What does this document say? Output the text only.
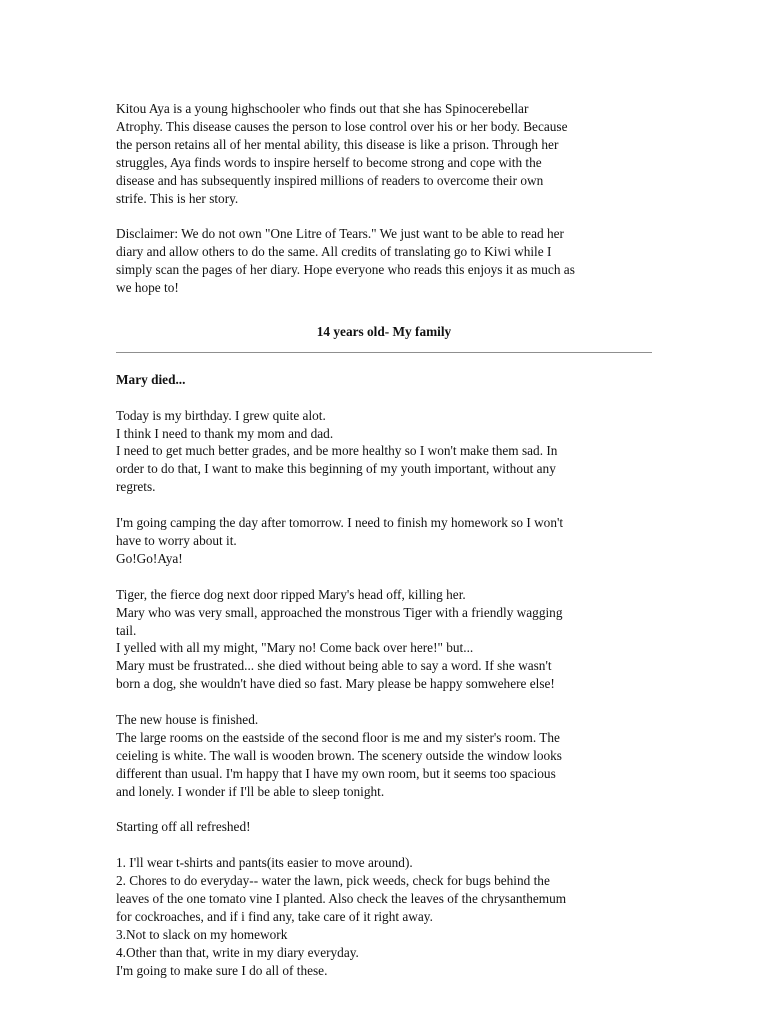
Kitou Aya is a young highschooler who finds out that she has Spinocerebellar
Atrophy. This disease causes the person to lose control over his or her body. Because
the person retains all of her mental ability, this disease is like a prison. Through her
struggles, Aya finds words to inspire herself to become strong and cope with the
disease and has subsequently inspired millions of readers to overcome their own
strife. This is her story.
Disclaimer: We do not own "One Litre of Tears." We just want to be able to read her
diary and allow others to do the same. All credits of translating go to Kiwi while I
simply scan the pages of her diary. Hope everyone who reads this enjoys it as much as
we hope to!
14 years old- My family
Mary died...
Today is my birthday. I grew quite alot.
I think I need to thank my mom and dad.
I need to get much better grades, and be more healthy so I won't make them sad. In
order to do that, I want to make this beginning of my youth important, without any
regrets.
I'm going camping the day after tomorrow. I need to finish my homework so I won't
have to worry about it.
Go!Go!Aya!
Tiger, the fierce dog next door ripped Mary's head off, killing her.
Mary who was very small, approached the monstrous Tiger with a friendly wagging
tail.
I yelled with all my might, "Mary no! Come back over here!" but...
Mary must be frustrated... she died without being able to say a word. If she wasn't
born a dog, she wouldn't have died so fast. Mary please be happy somwehere else!
The new house is finished.
The large rooms on the eastside of the second floor is me and my sister's room. The
ceieling is white. The wall is wooden brown. The scenery outside the window looks
different than usual. I'm happy that I have my own room, but it seems too spacious
and lonely. I wonder if I'll be able to sleep tonight.
Starting off all refreshed!
1. I'll wear t-shirts and pants(its easier to move around).
2. Chores to do everyday-- water the lawn, pick weeds, check for bugs behind the
leaves of the one tomato vine I planted. Also check the leaves of the chrysanthemum
for cockroaches, and if i find any, take care of it right away.
3.Not to slack on my homework
4.Other than that, write in my diary everyday.
I'm going to make sure I do all of these.
